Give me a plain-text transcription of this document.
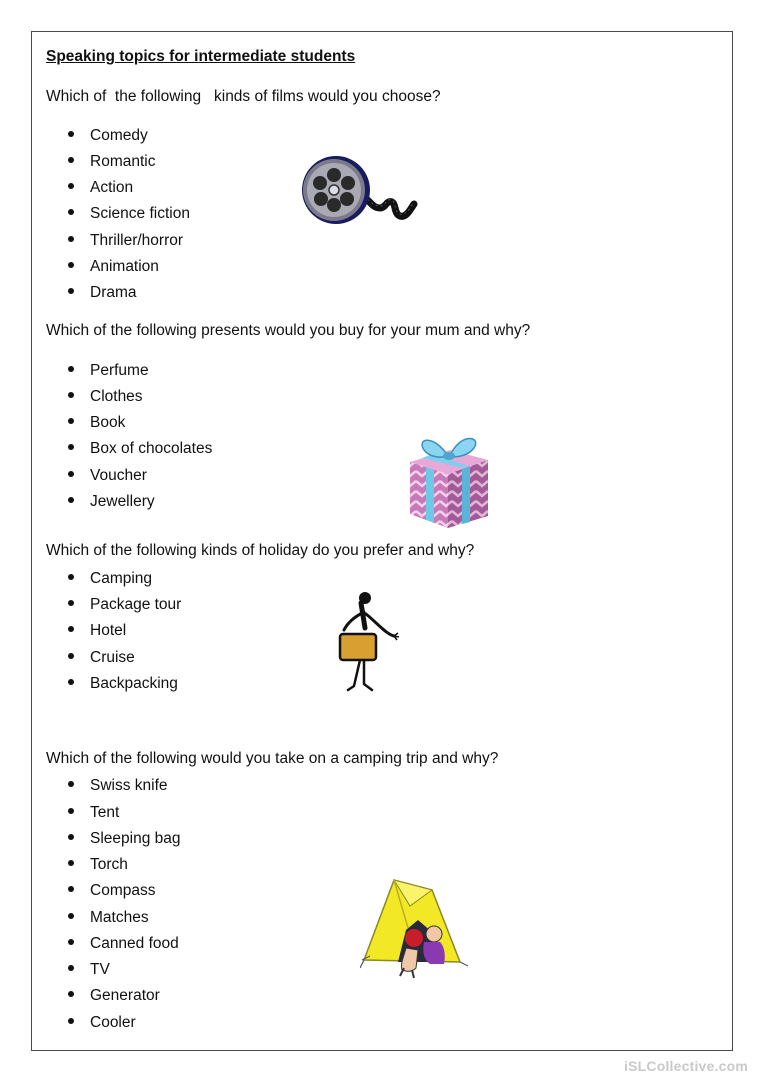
Speaking topics for intermediate students
Which of  the following   kinds of films would you choose?
Comedy
Romantic
Action
Science fiction
Thriller/horror
Animation
Drama
Which of the following presents would you buy for your mum and why?
Perfume
Clothes
Book
Box of chocolates
Voucher
Jewellery
Which of the following kinds of holiday do you prefer and why?
Camping
Package tour
Hotel
Cruise
Backpacking
Which of the following would you take on a camping trip and why?
Swiss knife
Tent
Sleeping bag
Torch
Compass
Matches
Canned food
TV
Generator
Cooler
iSLCollective.com
